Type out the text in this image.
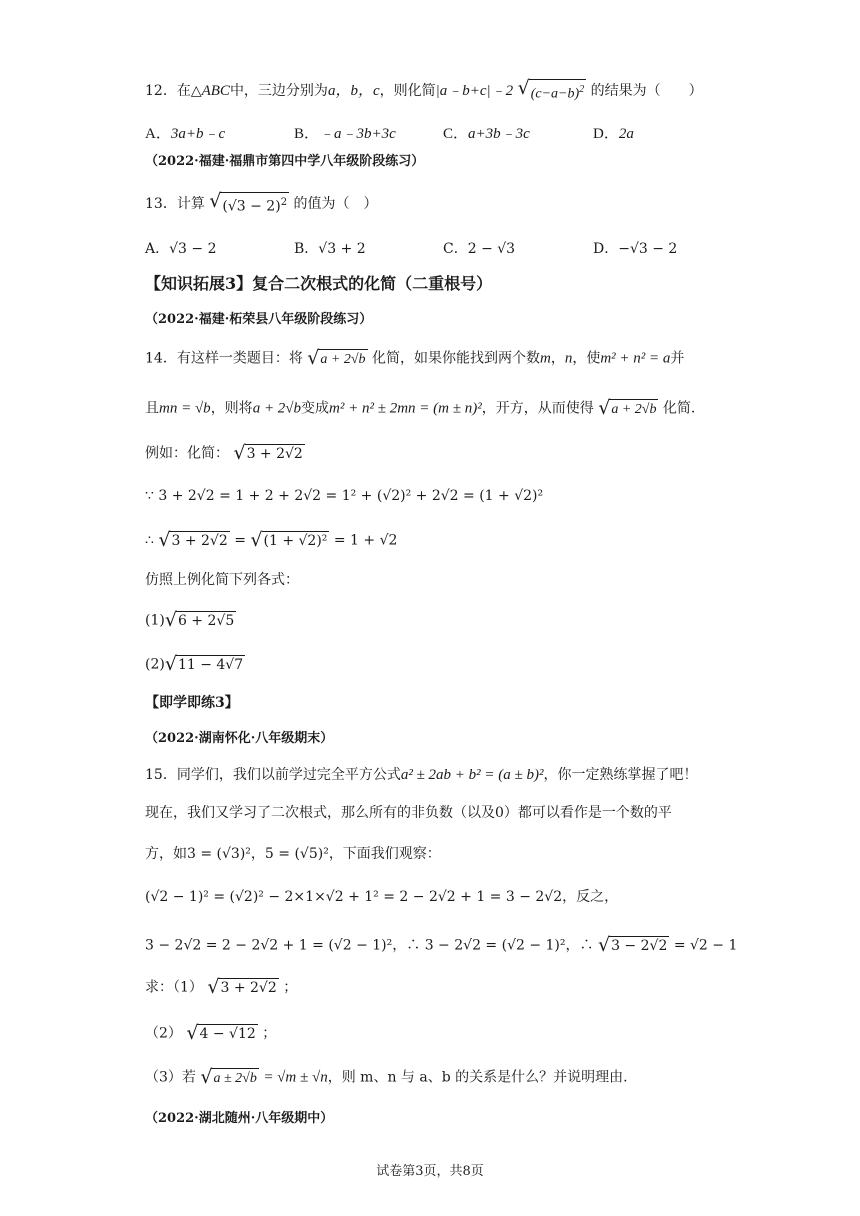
12．在△ABC中，三边分别为a，b，c，则化简|a﹣b+c|﹣2 √ $(c-a-b)^2$ 的结果为（　　）
A．3a+b﹣c	B．﹣a﹣3b+3c	C．a+3b﹣3c	D．2a
（2022·福建·福鼎市第四中学八年级阶段练习）
13．计算 √ $(√3 - 2)^2$ 的值为（　）
A．√3 − 2	B．√3 + 2	C．2 − √3	D．−√3 − 2
【知识拓展3】复合二次根式的化简（二重根号）
（2022·福建·柘荣县八年级阶段练习）
14．有这样一类题目：将 √ a + 2√b 化简，如果你能找到两个数m，n，使m² + n² = a并
且mn = √b，则将a + 2√b变成m² + n² ± 2mn = (m ± n)²，开方，从而使得 √ a + 2√b 化简.
例如：化简： √ 3 + 2√2
∵ 3 + 2√2 = 1 + 2 + 2√2 = 1² + (√2)² + 2√2 = (1 + √2)²
∴ √ 3 + 2√2 = √ (1 + √2)² = 1 + √2
仿照上例化简下列各式：
(1) √ 6 + 2√5
(2) √ 11 − 4√7
【即学即练3】
（2022·湖南怀化·八年级期末）
15．同学们，我们以前学过完全平方公式a² ± 2ab + b² = (a ± b)²，你一定熟练掌握了吧！
现在，我们又学习了二次根式，那么所有的非负数（以及0）都可以看作是一个数的平
方，如3 = (√3)²，5 = (√5)²，下面我们观察：
(√2 − 1)² = (√2)² − 2×1×√2 + 1² = 2 − 2√2 + 1 = 3 − 2√2，反之，
3 − 2√2 = 2 − 2√2 + 1 = (√2 − 1)²，∴ 3 − 2√2 = (√2 − 1)²，∴ √ 3 − 2√2 = √2 − 1
求：（1） √ 3 + 2√2 ；
（2） √ 4 − √12 ；
（3）若 √ a ± 2√b = √m ± √n，则 m、n 与 a、b 的关系是什么？并说明理由.
（2022·湖北随州·八年级期中）
试卷第3页，共8页
